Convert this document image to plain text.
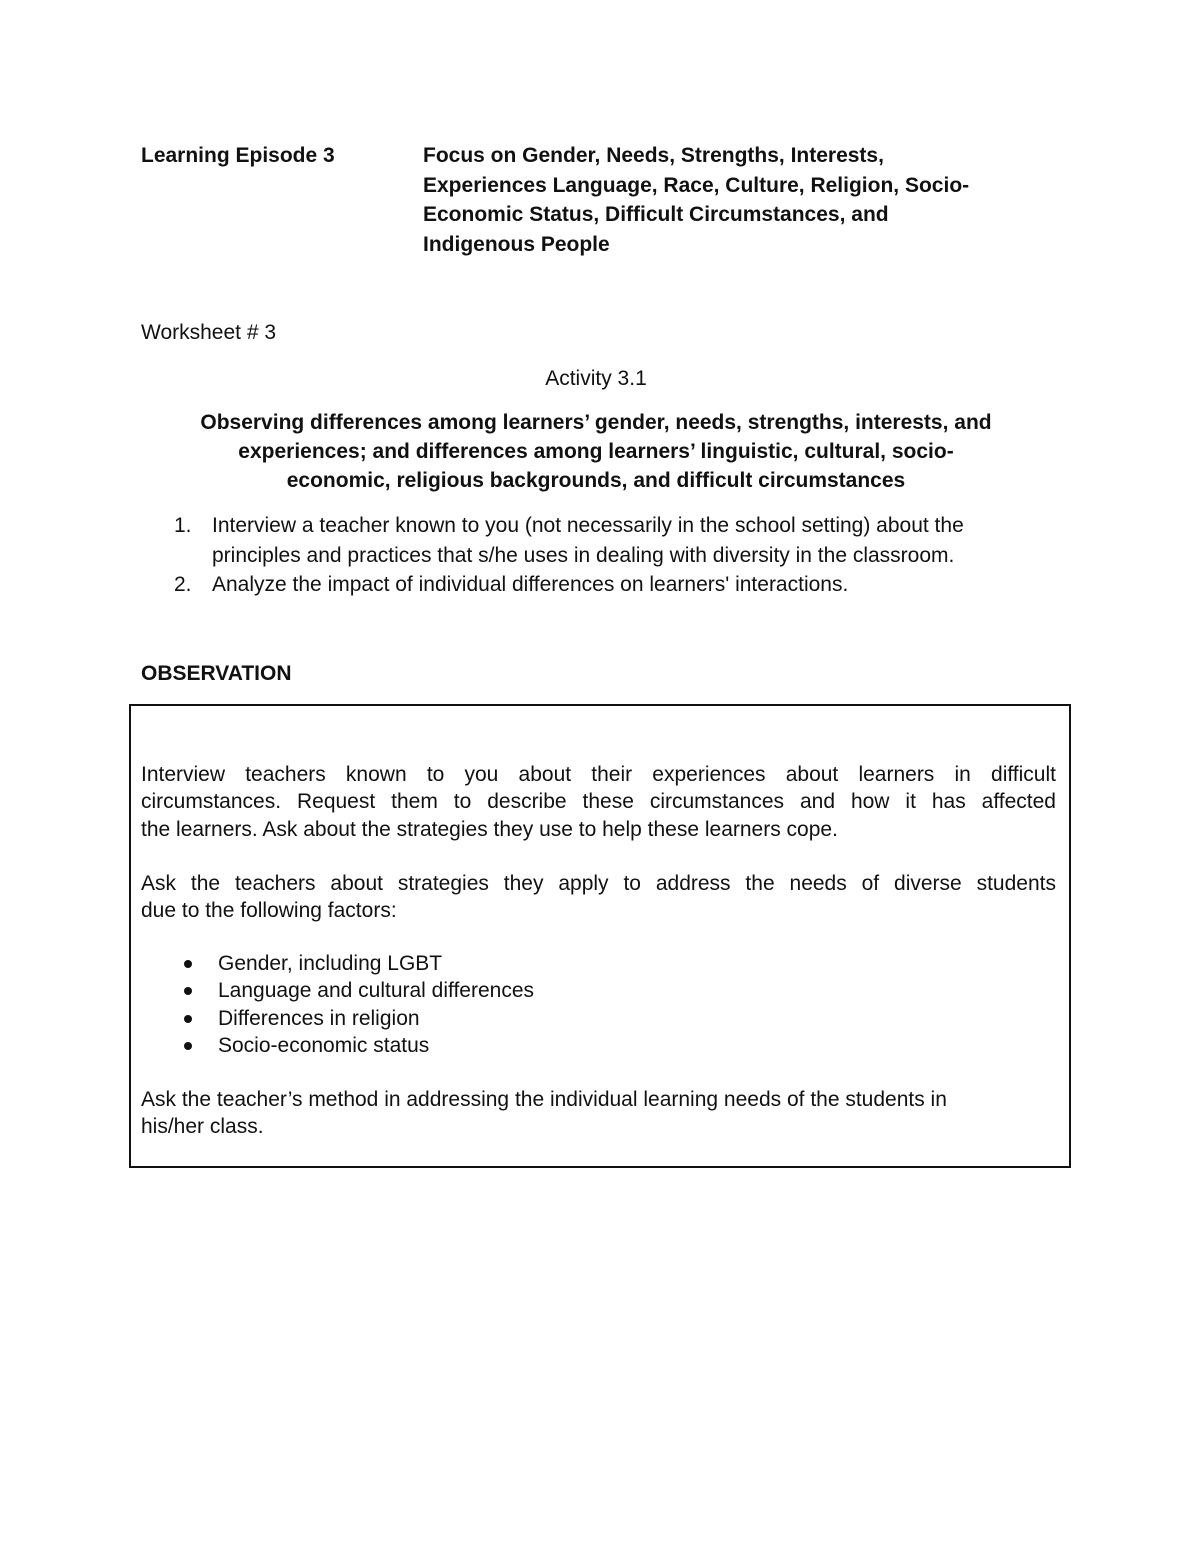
Learning Episode 3	Focus on Gender, Needs, Strengths, Interests,
Experiences Language, Race, Culture, Religion, Socio-
Economic Status, Difficult Circumstances, and
Indigenous People
Worksheet # 3
Activity 3.1
Observing differences among learners’ gender, needs, strengths, interests, and
experiences; and differences among learners’ linguistic, cultural, socio-
economic, religious backgrounds, and difficult circumstances
1. Interview a teacher known to you (not necessarily in the school setting) about the
principles and practices that s/he uses in dealing with diversity in the classroom.
2. Analyze the impact of individual differences on learners' interactions.
OBSERVATION
Interview teachers known to you about their experiences about learners in difficult
circumstances. Request them to describe these circumstances and how it has affected
the learners. Ask about the strategies they use to help these learners cope.
Ask the teachers about strategies they apply to address the needs of diverse students
due to the following factors:
Gender, including LGBT
Language and cultural differences
Differences in religion
Socio-economic status
Ask the teacher’s method in addressing the individual learning needs of the students in
his/her class.
